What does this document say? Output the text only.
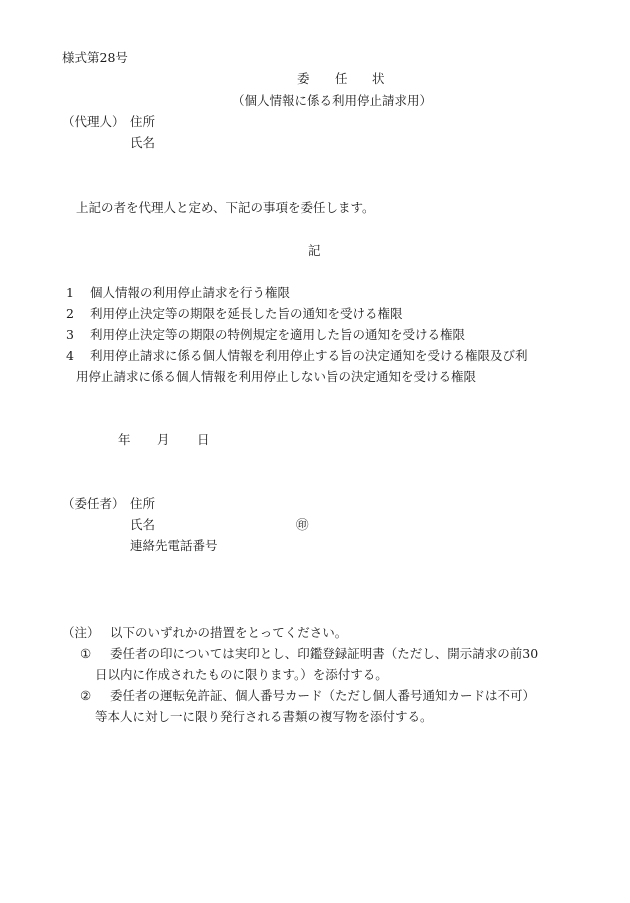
様式第28号
委 任 状
（個人情報に係る利用停止請求用）
（代理人） 住所
氏名
上記の者を代理人と定め、下記の事項を委任します。
記
1 個人情報の利用停止請求を行う権限
2 利用停止決定等の期限を延長した旨の通知を受ける権限
3 利用停止決定等の期限の特例規定を適用した旨の通知を受ける権限
4 利用停止請求に係る個人情報を利用停止する旨の決定通知を受ける権限及び利
用停止請求に係る個人情報を利用停止しない旨の決定通知を受ける権限
年 月 日
（委任者） 住所
氏名	㊞
連絡先電話番号
（注） 以下のいずれかの措置をとってください。
① 委任者の印については実印とし、印鑑登録証明書（ただし、開示請求の前30
日以内に作成されたものに限ります。）を添付する。
② 委任者の運転免許証、個人番号カード（ただし個人番号通知カードは不可）
等本人に対し一に限り発行される書類の複写物を添付する。
